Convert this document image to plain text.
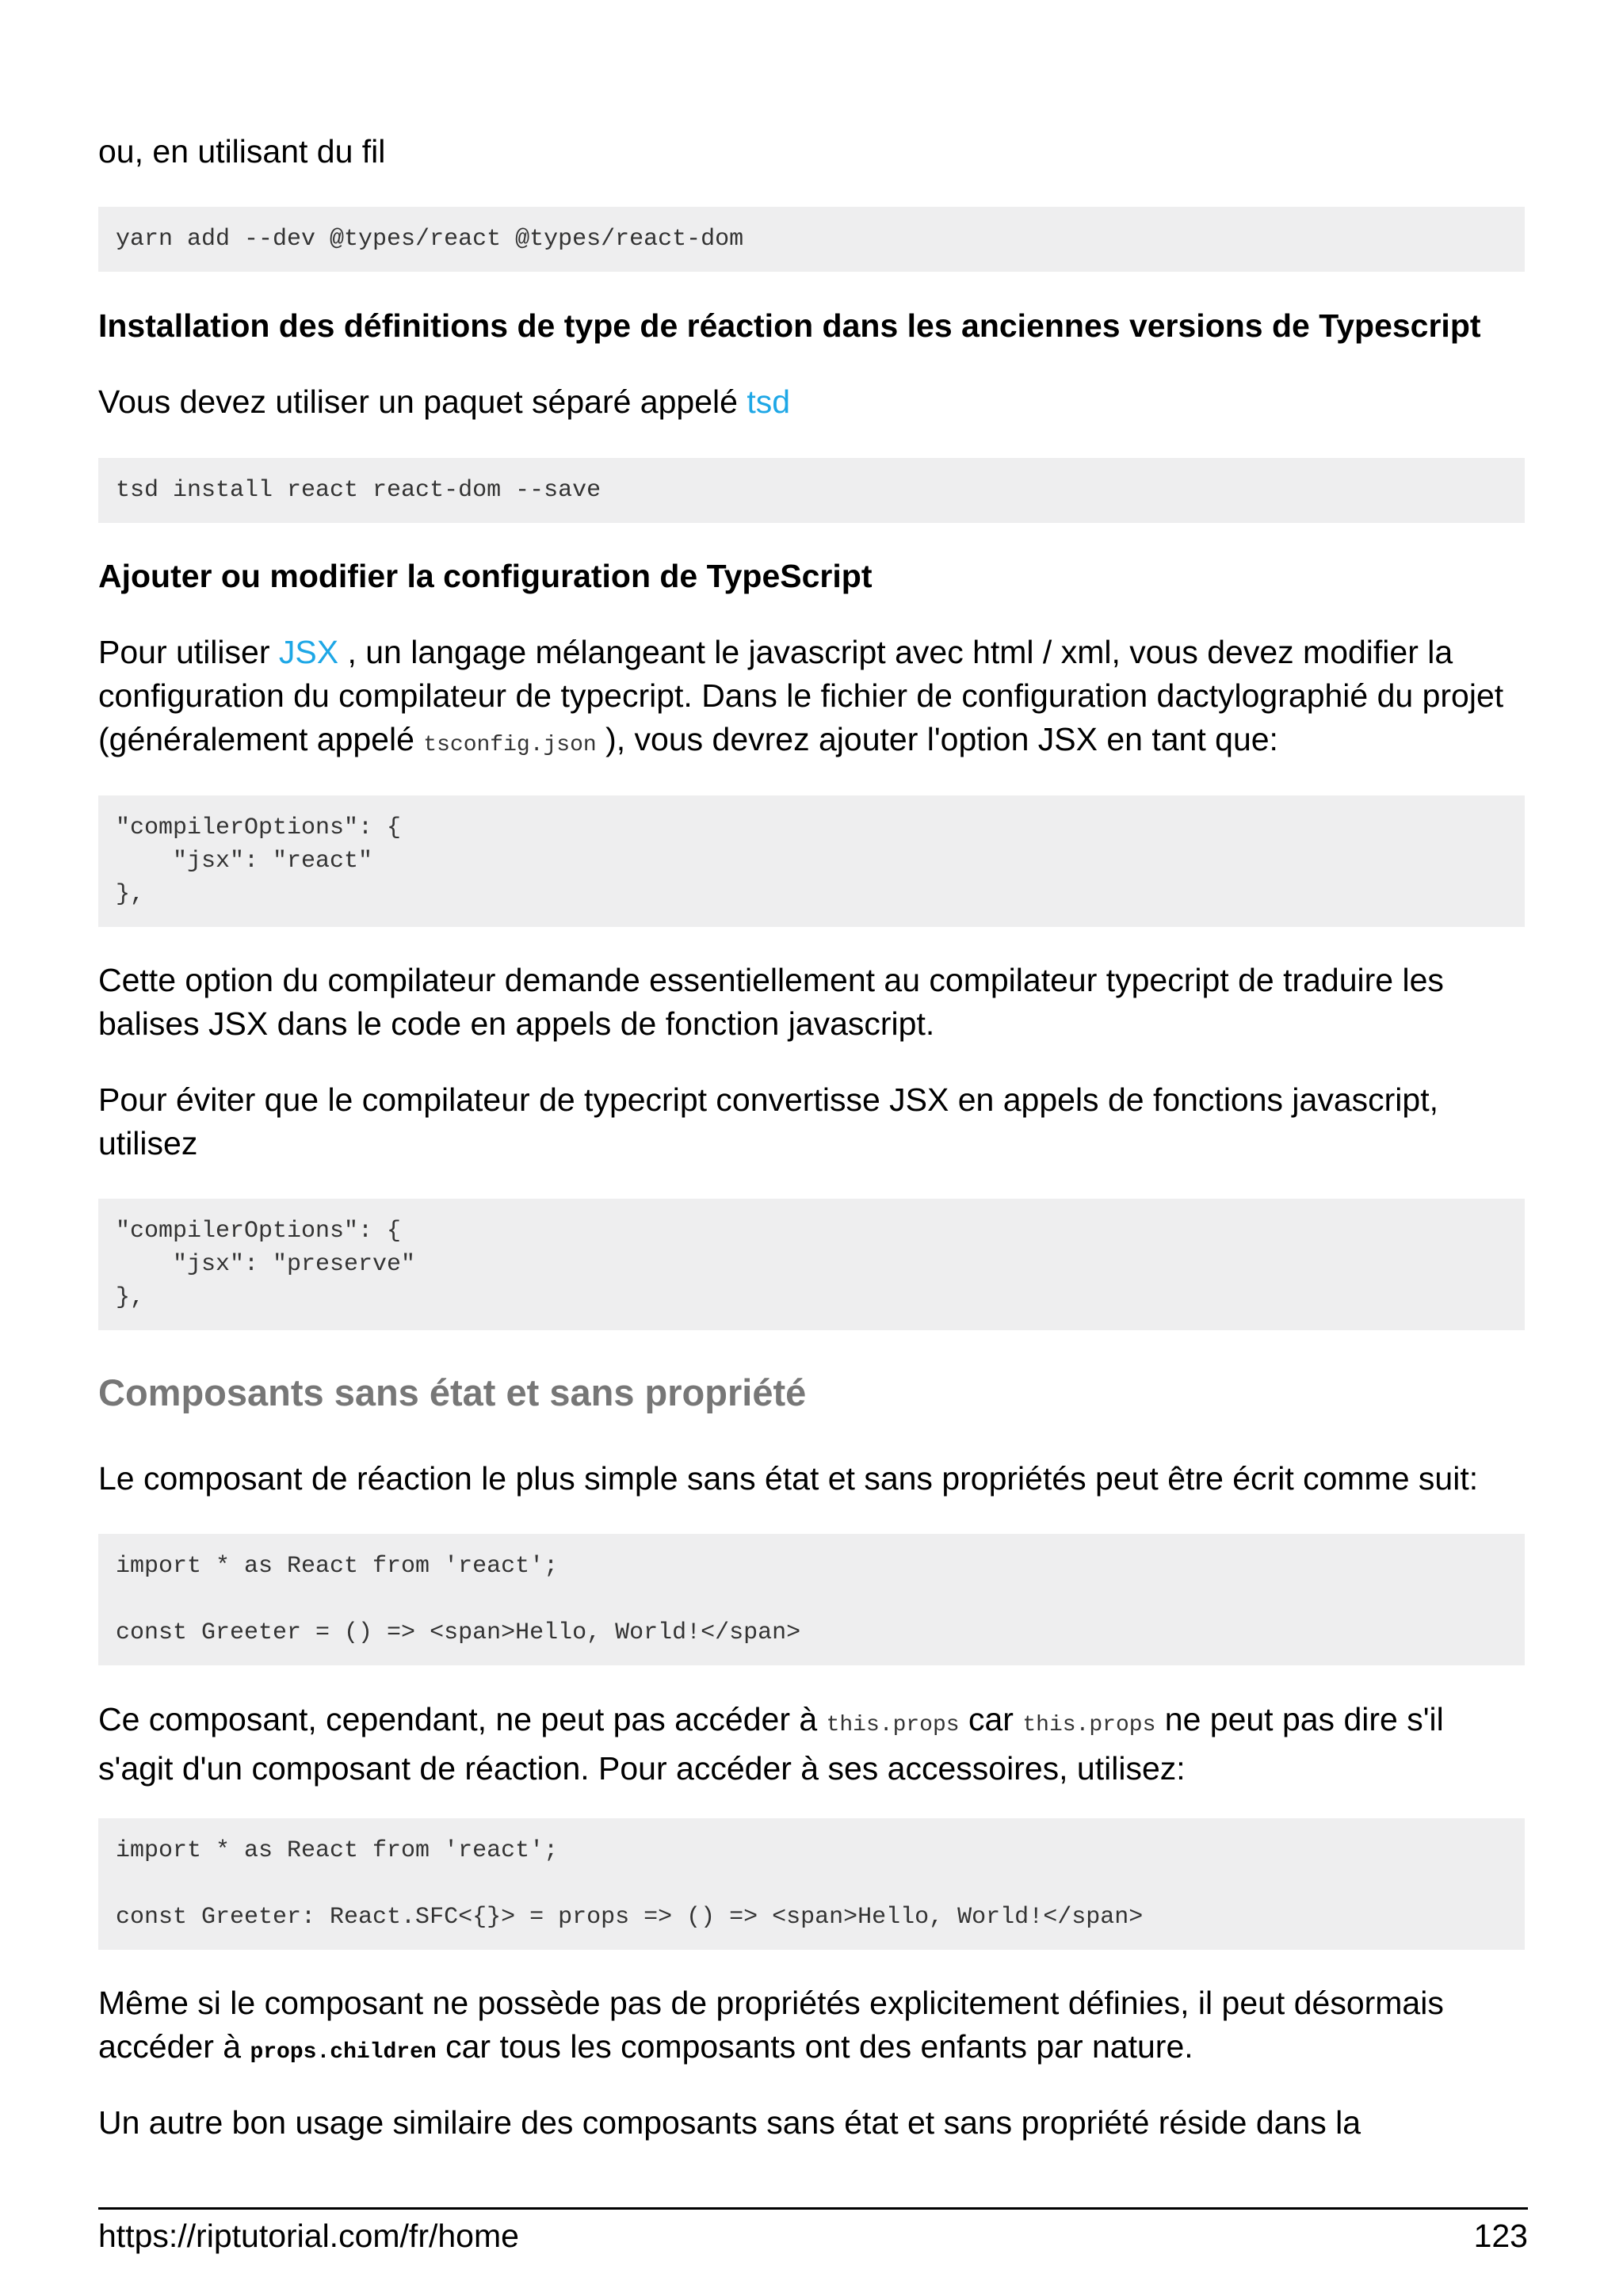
ou, en utilisant du fil

yarn add --dev @types/react @types/react-dom

Installation des définitions de type de réaction dans les anciennes versions de Typescript

Vous devez utiliser un paquet séparé appelé tsd

tsd install react react-dom --save

Ajouter ou modifier la configuration de TypeScript

Pour utiliser JSX , un langage mélangeant le javascript avec html / xml, vous devez modifier la configuration du compilateur de typecript. Dans le fichier de configuration dactylographié du projet (généralement appelé tsconfig.json ), vous devrez ajouter l'option JSX en tant que:

"compilerOptions": {
"jsx": "react"
},

Cette option du compilateur demande essentiellement au compilateur typecript de traduire les balises JSX dans le code en appels de fonction javascript.

Pour éviter que le compilateur de typecript convertisse JSX en appels de fonctions javascript, utilisez

"compilerOptions": {
"jsx": "preserve"
},

Composants sans état et sans propriété

Le composant de réaction le plus simple sans état et sans propriétés peut être écrit comme suit:

import * as React from 'react';

const Greeter = () => <span>Hello, World!</span>

Ce composant, cependant, ne peut pas accéder à this.props car this.props ne peut pas dire s'il s'agit d'un composant de réaction. Pour accéder à ses accessoires, utilisez:

import * as React from 'react';

const Greeter: React.SFC<{}> = props => () => <span>Hello, World!</span>

Même si le composant ne possède pas de propriétés explicitement définies, il peut désormais accéder à props.children car tous les composants ont des enfants par nature.

Un autre bon usage similaire des composants sans état et sans propriété réside dans la

https://riptutorial.com/fr/home	123
